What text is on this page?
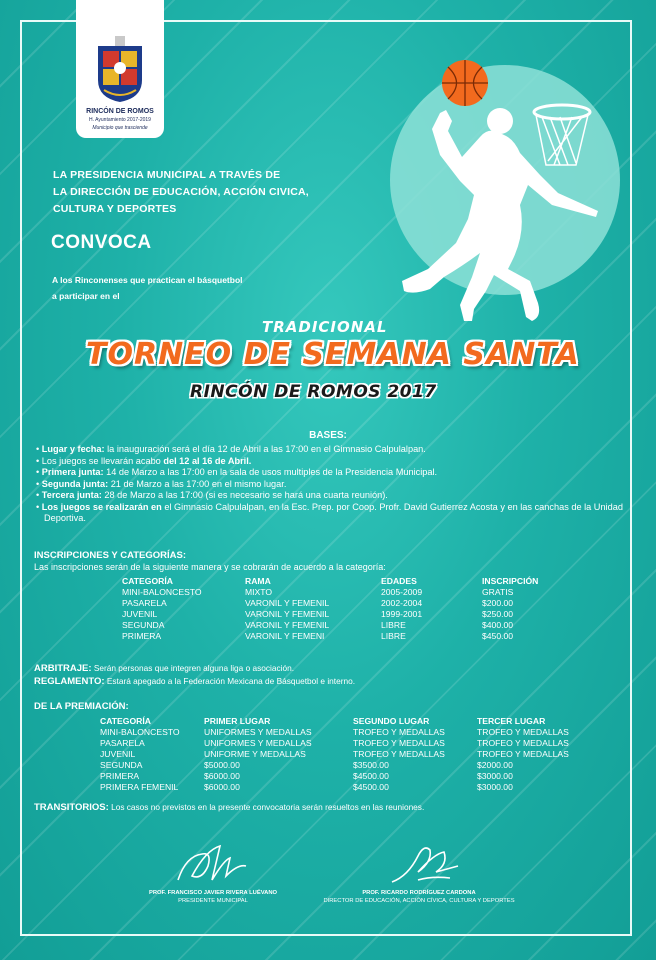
RINCÓN DE ROMOS
H. Ayuntamiento 2017-2019
Municipio que trasciende
LA PRESIDENCIA MUNICIPAL A TRAVÉS DE
LA DIRECCIÓN DE EDUCACIÓN, ACCIÓN CIVICA,
CULTURA Y DEPORTES
CONVOCA
A los Rinconenses que practican el básquetbol
a participar en el
TRADICIONAL
TORNEO DE SEMANA SANTA
RINCÓN DE ROMOS 2017
BASES:
• Lugar y fecha: la inauguración será el día 12 de Abril a las 17:00 en el Gimnasio Calpulalpan.
• Los juegos se llevarán acabo del 12 al 16 de Abril.
• Primera junta: 14 de Marzo a las 17:00 en la sala de usos multiples de la Presidencia Municipal.
• Segunda junta: 21 de Marzo a las 17:00 en el mismo lugar.
• Tercera junta: 28 de Marzo a las 17:00 (si es necesario se hará una cuarta reunión).
• Los juegos se realizarán en el Gimnasio Calpulalpan, en la Esc. Prep. por Coop. Profr. David Gutierrez Acosta y en las canchas de la Unidad Deportiva.
INSCRIPCIONES Y CATEGORÍAS:
Las inscripciones serán de la siguiente manera y se cobrarán de acuerdo a la categoría:
CATEGORÍA	RAMA	EDADES	INSCRIPCIÓN
MINI-BALONCESTO	MIXTO	2005-2009	GRATIS
PASARELA	VARONIL Y FEMENIL	2002-2004	$200.00
JUVENIL	VARONIL Y FEMENIL	1999-2001	$250.00
SEGUNDA	VARONIL Y FEMENIL	LIBRE	$400.00
PRIMERA	VARONIL Y FEMENI	LIBRE	$450.00
ARBITRAJE: Serán personas que integren alguna liga o asociación.
REGLAMENTO: Estará apegado a la Federación Mexicana de Básquetbol e interno.
DE LA PREMIACIÓN:
CATEGORÍA	PRIMER LUGAR	SEGUNDO LUGAR	TERCER LUGAR
MINI-BALONCESTO	UNIFORMES Y MEDALLAS	TROFEO Y MEDALLAS	TROFEO Y MEDALLAS
PASARELA	UNIFORMES Y MEDALLAS	TROFEO Y MEDALLAS	TROFEO Y MEDALLAS
JUVENIL	UNIFORME Y MEDALLAS	TROFEO Y MEDALLAS	TROFEO Y MEDALLAS
SEGUNDA	$5000.00	$3500.00	$2000.00
PRIMERA	$6000.00	$4500.00	$3000.00
PRIMERA FEMENIL	$6000.00	$4500.00	$3000.00
TRANSITORIOS: Los casos no previstos en la presente convocatoria serán resueltos en las reuniones.
PROF. FRANCISCO JAVIER RIVERA LUÉVANO
PRESIDENTE MUNICIPAL
PROF. RICARDO RODRÍGUEZ CARDONA
DIRECTOR DE EDUCACIÓN, ACCIÓN CÍVICA, CULTURA Y DEPORTES
